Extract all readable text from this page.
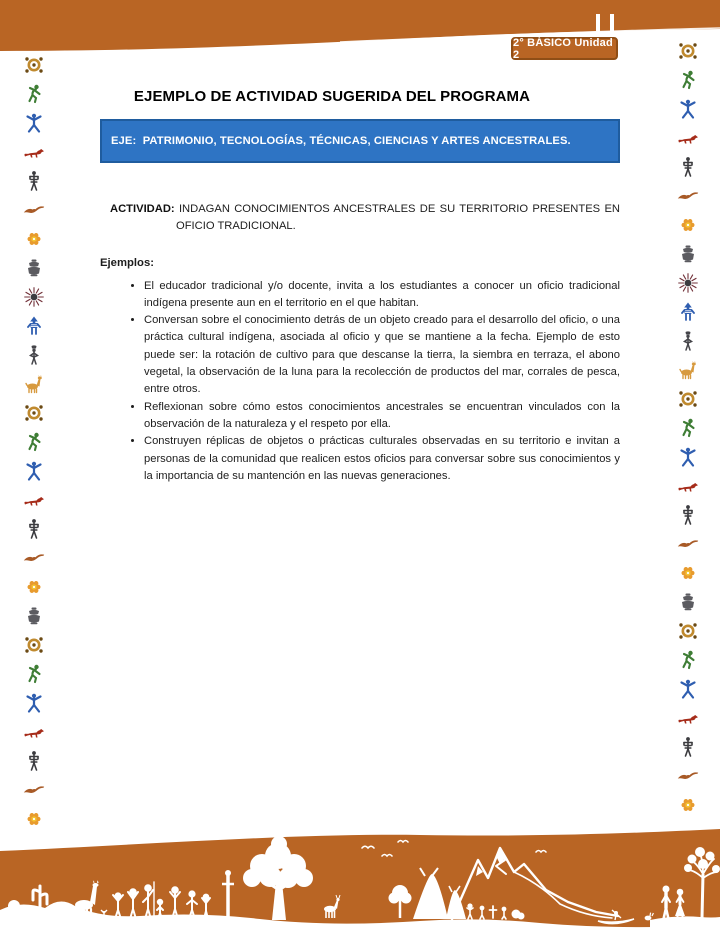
2° BÁSICO Unidad 2
EJEMPLO DE ACTIVIDAD SUGERIDA DEL PROGRAMA
EJE:  PATRIMONIO, TECNOLOGÍAS, TÉCNICAS, CIENCIAS Y ARTES ANCESTRALES.

ACTIVIDAD: INDAGAN CONOCIMIENTOS ANCESTRALES DE SU TERRITORIO PRESENTES EN OFICIO TRADICIONAL.

Ejemplos:

• El educador tradicional y/o docente, invita a los estudiantes a conocer un oficio tradicional indígena presente aun en el territorio en el que habitan.
• Conversan sobre el conocimiento detrás de un objeto creado para el desarrollo del oficio, o una práctica cultural indígena, asociada al oficio y que se mantiene a la fecha. Ejemplo de esto puede ser: la rotación de cultivo para que descanse la tierra, la siembra en terraza, el abono vegetal, la observación de la luna para la recolección de productos del mar, corrales de pesca, entre otros.
• Reflexionan sobre cómo estos conocimientos ancestrales se encuentran vinculados con la observación de la naturaleza y el respeto por ella.
• Construyen réplicas de objetos o prácticas culturales observadas en su territorio e invitan a personas de la comunidad que realicen estos oficios para conversar sobre sus conocimientos y la importancia de su mantención en las nuevas generaciones.
